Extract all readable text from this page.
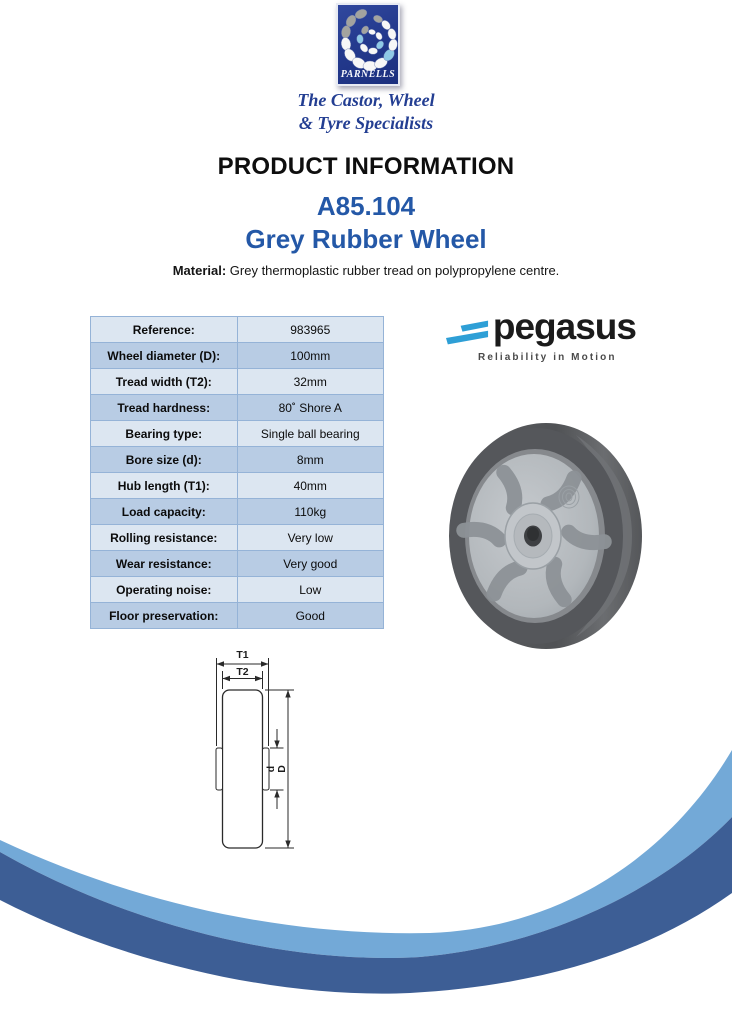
PARNELLS
The Castor, Wheel
& Tyre Specialists
PRODUCT INFORMATION
A85.104
Grey Rubber Wheel
Material: Grey thermoplastic rubber tread on polypropylene centre.
Reference:	983965
Wheel diameter (D):	100mm
Tread width (T2):	32mm
Tread hardness:	80˚ Shore A
Bearing type:	Single ball bearing
Bore size (d):	8mm
Hub length (T1):	40mm
Load capacity:	110kg
Rolling resistance:	Very low
Wear resistance:	Very good
Operating noise:	Low
Floor preservation:	Good
pegasus
Reliability in Motion
T1
T2
d D
